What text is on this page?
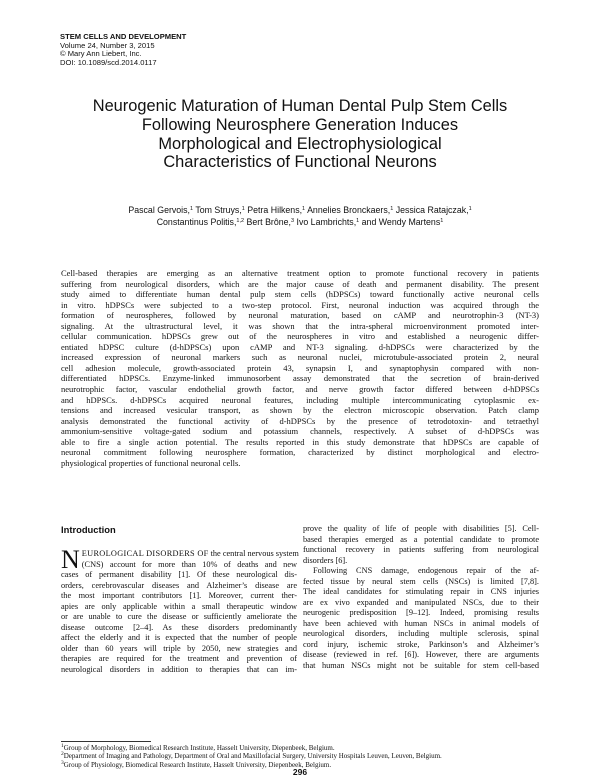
STEM CELLS AND DEVELOPMENT
Volume 24, Number 3, 2015
© Mary Ann Liebert, Inc.
DOI: 10.1089/scd.2014.0117
Neurogenic Maturation of Human Dental Pulp Stem Cells
Following Neurosphere Generation Induces
Morphological and Electrophysiological
Characteristics of Functional Neurons
Pascal Gervois,$^1$ Tom Struys,$^1$ Petra Hilkens,$^1$ Annelies Bronckaers,$^1$ Jessica Ratajczak,$^1$
Constantinus Politis,$^{1,2}$ Bert Brône,$^3$ Ivo Lambrichts,$^1$ and Wendy Martens$^1$
Cell-based therapies are emerging as an alternative treatment option to promote functional recovery in patients
suffering from neurological disorders, which are the major cause of death and permanent disability. The present
study aimed to differentiate human dental pulp stem cells (hDPSCs) toward functionally active neuronal cells
in vitro. hDPSCs were subjected to a two-step protocol. First, neuronal induction was acquired through the
formation of neurospheres, followed by neuronal maturation, based on cAMP and neurotrophin-3 (NT-3)
signaling. At the ultrastructural level, it was shown that the intra-spheral microenvironment promoted inter-
cellular communication. hDPSCs grew out of the neurospheres in vitro and established a neurogenic differ-
entiated hDPSC culture (d-hDPSCs) upon cAMP and NT-3 signaling. d-hDPSCs were characterized by the
increased expression of neuronal markers such as neuronal nuclei, microtubule-associated protein 2, neural
cell adhesion molecule, growth-associated protein 43, synapsin I, and synaptophysin compared with non-
differentiated hDPSCs. Enzyme-linked immunosorbent assay demonstrated that the secretion of brain-derived
neurotrophic factor, vascular endothelial growth factor, and nerve growth factor differed between d-hDPSCs
and hDPSCs. d-hDPSCs acquired neuronal features, including multiple intercommunicating cytoplasmic ex-
tensions and increased vesicular transport, as shown by the electron microscopic observation. Patch clamp
analysis demonstrated the functional activity of d-hDPSCs by the presence of tetrodotoxin- and tetraethyl
ammonium-sensitive voltage-gated sodium and potassium channels, respectively. A subset of d-hDPSCs was
able to fire a single action potential. The results reported in this study demonstrate that hDPSCs are capable of
neuronal commitment following neurosphere formation, characterized by distinct morphological and electro-
physiological properties of functional neuronal cells.
Introduction
N EUROLOGICAL DISORDERS OF the central nervous system
(CNS) account for more than 10% of deaths and new
cases of permanent disability [1]. Of these neurological dis-
orders, cerebrovascular diseases and Alzheimer’s disease are
the most important contributors [1]. Moreover, current ther-
apies are only applicable within a small therapeutic window
or are unable to cure the disease or sufficiently ameliorate the
disease outcome [2–4]. As these disorders predominantly
affect the elderly and it is expected that the number of people
older than 60 years will triple by 2050, new strategies and
therapies are required for the treatment and prevention of
neurological disorders in addition to therapies that can im-
prove the quality of life of people with disabilities [5]. Cell-
based therapies emerged as a potential candidate to promote
functional recovery in patients suffering from neurological
disorders [6].
Following CNS damage, endogenous repair of the af-
fected tissue by neural stem cells (NSCs) is limited [7,8].
The ideal candidates for stimulating repair in CNS injuries
are ex vivo expanded and manipulated NSCs, due to their
neurogenic predisposition [9–12]. Indeed, promising results
have been achieved with human NSCs in animal models of
neurological disorders, including multiple sclerosis, spinal
cord injury, ischemic stroke, Parkinson’s and Alzheimer’s
disease (reviewed in ref. [6]). However, there are arguments
that human NSCs might not be suitable for stem cell-based
$^1$Group of Morphology, Biomedical Research Institute, Hasselt University, Diepenbeek, Belgium.
$^2$Department of Imaging and Pathology, Department of Oral and Maxillofacial Surgery, University Hospitals Leuven, Leuven, Belgium.
$^3$Group of Physiology, Biomedical Research Institute, Hasselt University, Diepenbeek, Belgium.
296
